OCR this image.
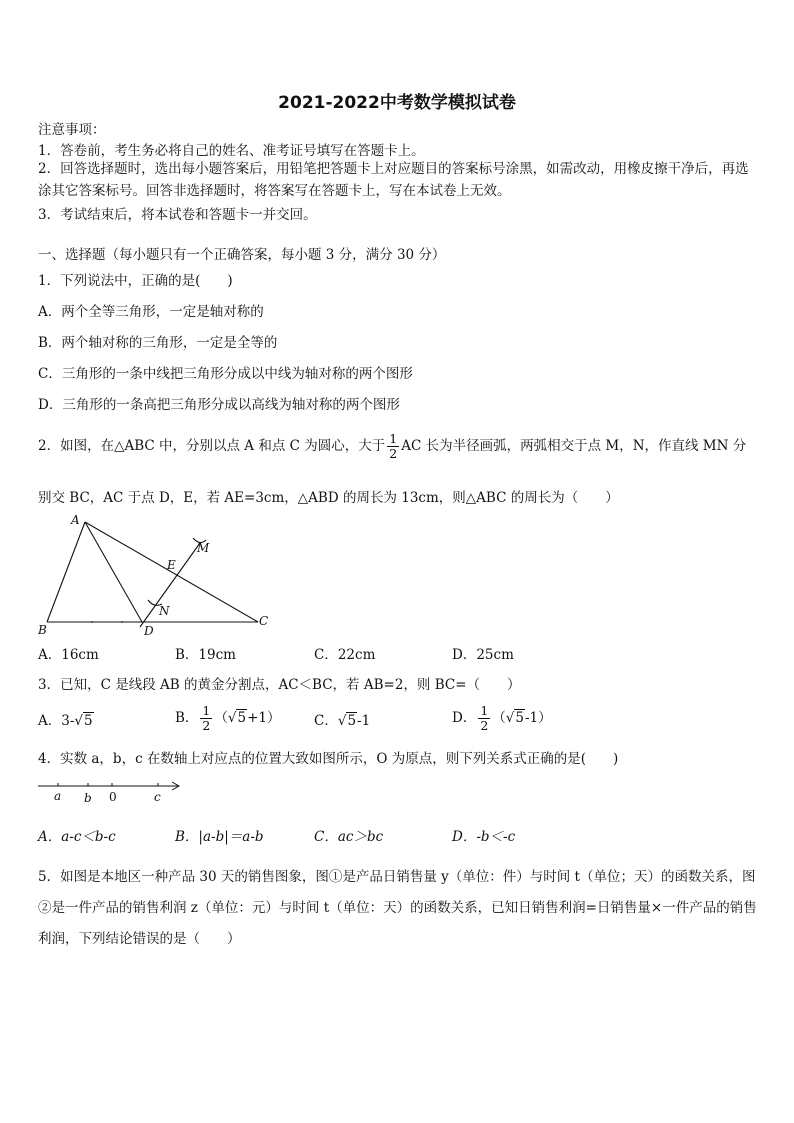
2021-2022中考数学模拟试卷
注意事项：
1．答卷前，考生务必将自己的姓名、准考证号填写在答题卡上。
2．回答选择题时，选出每小题答案后，用铅笔把答题卡上对应题目的答案标号涂黑，如需改动，用橡皮擦干净后，再选涂其它答案标号。回答非选择题时，将答案写在答题卡上，写在本试卷上无效。
3．考试结束后，将本试卷和答题卡一并交回。
一、选择题（每小题只有一个正确答案，每小题 3 分，满分 30 分）
1．下列说法中，正确的是(　　)
A．两个全等三角形，一定是轴对称的
B．两个轴对称的三角形，一定是全等的
C．三角形的一条中线把三角形分成以中线为轴对称的两个图形
D．三角形的一条高把三角形分成以高线为轴对称的两个图形
2．如图，在△ABC 中，分别以点 A 和点 C 为圆心，大于 $\frac{1}{2}$ AC 长为半径画弧，两弧相交于点 M，N，作直线 MN 分
别交 BC，AC 于点 D，E，若 AE=3cm，△ABD 的周长为 13cm，则△ABC 的周长为（　　）
A
B
C
D
E
M
N
A．16cm	B．19cm	C．22cm	D．25cm
3．已知，C 是线段 AB 的黄金分割点，AC＜BC，若 AB=2，则 BC=（　　）
A．3-√5	B． $\frac{1}{2} (√5+1)$ C．√5-1	D． $\frac{1}{2} (√5-1)$
4．实数 a，b，c 在数轴上对应点的位置大致如图所示，O 为原点，则下列关系式正确的是(　　)
a b 0	c
A．a-c＜b-c	B．|a-b|＝a-b	C．ac＞bc	D．-b＜-c
5．如图是本地区一种产品 30 天的销售图象，图①是产品日销售量 y（单位：件）与时间 t（单位；天）的函数关系，图②是一件产品的销售利润 z（单位：元）与时间 t（单位：天）的函数关系，已知日销售利润=日销售量×一件产品的销售利润，下列结论错误的是（　　）
